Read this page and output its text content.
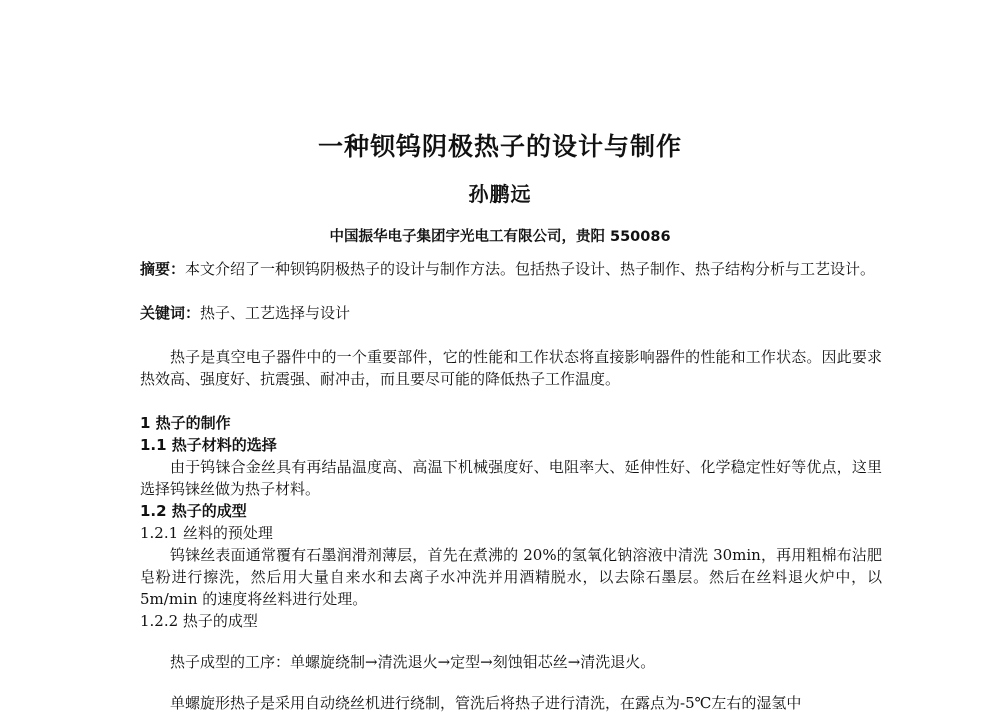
一种钡钨阴极热子的设计与制作
孙鹏远
中国振华电子集团宇光电工有限公司，贵阳 550086

摘要：本文介绍了一种钡钨阴极热子的设计与制作方法。包括热子设计、热子制作、热子结构分析与工艺设计。

关键词：热子、工艺选择与设计

热子是真空电子器件中的一个重要部件，它的性能和工作状态将直接影响器件的性能和工作状态。因此要求热效高、强度好、抗震强、耐冲击，而且要尽可能的降低热子工作温度。

1 热子的制作
1.1 热子材料的选择

由于钨铼合金丝具有再结晶温度高、高温下机械强度好、电阻率大、延伸性好、化学稳定性好等优点，这里选择钨铼丝做为热子材料。

1.2 热子的成型
1.2.1 丝料的预处理

钨铼丝表面通常覆有石墨润滑剂薄层，首先在煮沸的 20%的氢氧化钠溶液中清洗 30min，再用粗棉布沾肥皂粉进行擦洗，然后用大量自来水和去离子水冲洗并用酒精脱水，以去除石墨层。然后在丝料退火炉中，以 5m/min 的速度将丝料进行处理。

1.2.2 热子的成型

热子成型的工序：单螺旋绕制→清洗退火→定型→刻蚀钼芯丝→清洗退火。

单螺旋形热子是采用自动绕丝机进行绕制，管洗后将热子进行清洗，在露点为-5℃左右的湿氢中
